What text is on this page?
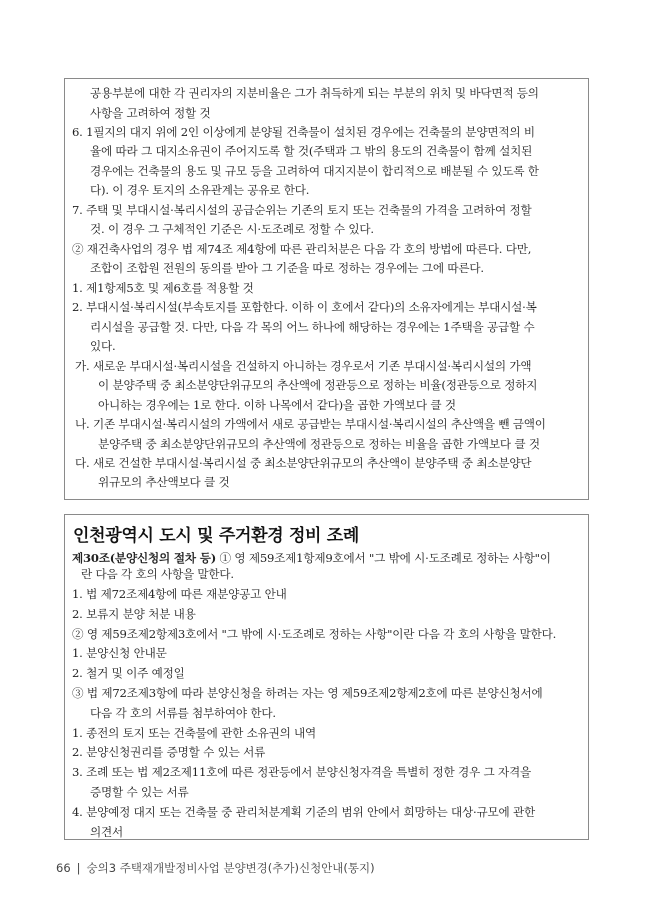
공용부분에 대한 각 권리자의 지분비율은 그가 취득하게 되는 부분의 위치 및 바닥면적 등의
사항을 고려하여 정할 것
6. 1필지의 대지 위에 2인 이상에게 분양될 건축물이 설치된 경우에는 건축물의 분양면적의 비
율에 따라 그 대지소유권이 주어지도록 할 것(주택과 그 밖의 용도의 건축물이 함께 설치된
경우에는 건축물의 용도 및 규모 등을 고려하여 대지지분이 합리적으로 배분될 수 있도록 한
다). 이 경우 토지의 소유관계는 공유로 한다.
7. 주택 및 부대시설·복리시설의 공급순위는 기존의 토지 또는 건축물의 가격을 고려하여 정할
것. 이 경우 그 구체적인 기준은 시·도조례로 정할 수 있다.
② 재건축사업의 경우 법 제74조 제4항에 따른 관리처분은 다음 각 호의 방법에 따른다. 다만,
조합이 조합원 전원의 동의를 받아 그 기준을 따로 정하는 경우에는 그에 따른다.
1. 제1항제5호 및 제6호를 적용할 것
2. 부대시설·복리시설(부속토지를 포함한다. 이하 이 호에서 같다)의 소유자에게는 부대시설·복
리시설을 공급할 것. 다만, 다음 각 목의 어느 하나에 해당하는 경우에는 1주택을 공급할 수
있다.
가. 새로운 부대시설·복리시설을 건설하지 아니하는 경우로서 기존 부대시설·복리시설의 가액
이 분양주택 중 최소분양단위규모의 추산액에 정관등으로 정하는 비율(정관등으로 정하지
아니하는 경우에는 1로 한다. 이하 나목에서 같다)을 곱한 가액보다 클 것
나. 기존 부대시설·복리시설의 가액에서 새로 공급받는 부대시설·복리시설의 추산액을 뺀 금액이
분양주택 중 최소분양단위규모의 추산액에 정관등으로 정하는 비율을 곱한 가액보다 클 것
다. 새로 건설한 부대시설·복리시설 중 최소분양단위규모의 추산액이 분양주택 중 최소분양단
위규모의 추산액보다 클 것
인천광역시 도시 및 주거환경 정비 조례
제30조(분양신청의 절차 등) ① 영 제59조제1항제9호에서 "그 밖에 시·도조례로 정하는 사항"이
란 다음 각 호의 사항을 말한다.
1. 법 제72조제4항에 따른 재분양공고 안내
2. 보류지 분양 처분 내용
② 영 제59조제2항제3호에서 "그 밖에 시·도조례로 정하는 사항"이란 다음 각 호의 사항을 말한다.
1. 분양신청 안내문
2. 철거 및 이주 예정일
③ 법 제72조제3항에 따라 분양신청을 하려는 자는 영 제59조제2항제2호에 따른 분양신청서에
다음 각 호의 서류를 첨부하여야 한다.
1. 종전의 토지 또는 건축물에 관한 소유권의 내역
2. 분양신청권리를 증명할 수 있는 서류
3. 조례 또는 법 제2조제11호에 따른 정관등에서 분양신청자격을 특별히 정한 경우 그 자격을
증명할 수 있는 서류
4. 분양예정 대지 또는 건축물 중 관리처분계획 기준의 범위 안에서 희망하는 대상·규모에 관한
의견서
66 | 숭의3 주택재개발정비사업 분양변경(추가)신청안내(통지)
